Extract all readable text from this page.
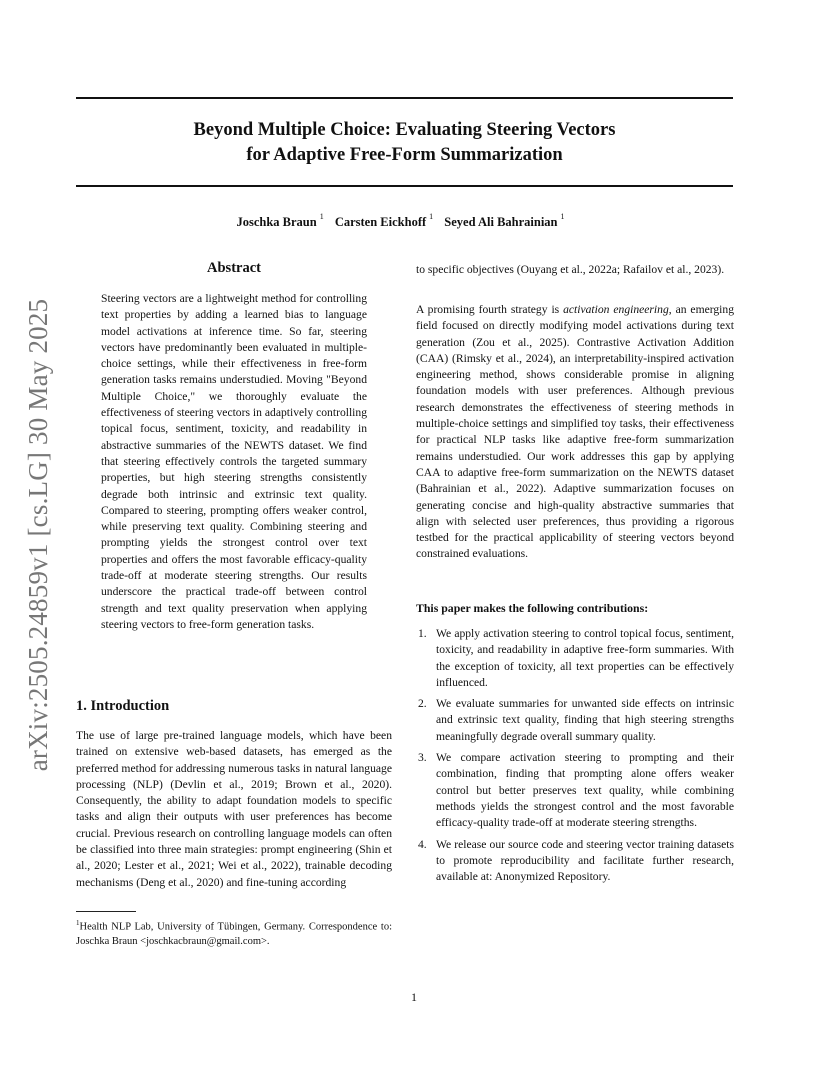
Beyond Multiple Choice: Evaluating Steering Vectors
for Adaptive Free-Form Summarization
Joschka Braun $^1$ Carsten Eickhoff $^1$ Seyed Ali Bahrainian $^1$
arXiv:2505.24859v1 [cs.LG] 30 May 2025
Abstract
Steering vectors are a lightweight method for controlling text properties by adding a learned bias to language model activations at inference time. So far, steering vectors have predominantly been evaluated in multiple-choice settings, while their effectiveness in free-form generation tasks remains understudied. Moving "Beyond Multiple Choice," we thoroughly evaluate the effectiveness of steering vectors in adaptively controlling topical focus, sentiment, toxicity, and readability in abstractive summaries of the NEWTS dataset. We find that steering effectively controls the targeted summary properties, but high steering strengths consistently degrade both intrinsic and extrinsic text quality. Compared to steering, prompting offers weaker control, while preserving text quality. Combining steering and prompting yields the strongest control over text properties and offers the most favorable efficacy-quality trade-off at moderate steering strengths. Our results underscore the practical trade-off between control strength and text quality preservation when applying steering vectors to free-form generation tasks.
1. Introduction
The use of large pre-trained language models, which have been trained on extensive web-based datasets, has emerged as the preferred method for addressing numerous tasks in natural language processing (NLP) (Devlin et al., 2019; Brown et al., 2020). Consequently, the ability to adapt foundation models to specific tasks and align their outputs with user preferences has become crucial. Previous research on controlling language models can often be classified into three main strategies: prompt engineering (Shin et al., 2020; Lester et al., 2021; Wei et al., 2022), trainable decoding mechanisms (Deng et al., 2020) and fine-tuning according
$^1$Health NLP Lab, University of Tübingen, Germany. Correspondence to: Joschka Braun <joschkacbraun@gmail.com>.
to specific objectives (Ouyang et al., 2022a; Rafailov et al., 2023).
A promising fourth strategy is activation engineering, an emerging field focused on directly modifying model activations during text generation (Zou et al., 2025). Contrastive Activation Addition (CAA) (Rimsky et al., 2024), an interpretability-inspired activation engineering method, shows considerable promise in aligning foundation models with user preferences. Although previous research demonstrates the effectiveness of steering methods in multiple-choice settings and simplified toy tasks, their effectiveness for practical NLP tasks like adaptive free-form summarization remains understudied. Our work addresses this gap by applying CAA to adaptive free-form summarization on the NEWTS dataset (Bahrainian et al., 2022). Adaptive summarization focuses on generating concise and high-quality abstractive summaries that align with selected user preferences, thus providing a rigorous testbed for the practical applicability of steering vectors beyond constrained evaluations.
This paper makes the following contributions:
1. We apply activation steering to control topical focus, sentiment, toxicity, and readability in adaptive free-form summaries. With the exception of toxicity, all text properties can be effectively influenced.
2. We evaluate summaries for unwanted side effects on intrinsic and extrinsic text quality, finding that high steering strengths meaningfully degrade overall summary quality.
3. We compare activation steering to prompting and their combination, finding that prompting alone offers weaker control but better preserves text quality, while combining methods yields the strongest control and the most favorable efficacy-quality trade-off at moderate steering strengths.
4. We release our source code and steering vector training datasets to promote reproducibility and facilitate further research, available at: Anonymized Repository.
1
